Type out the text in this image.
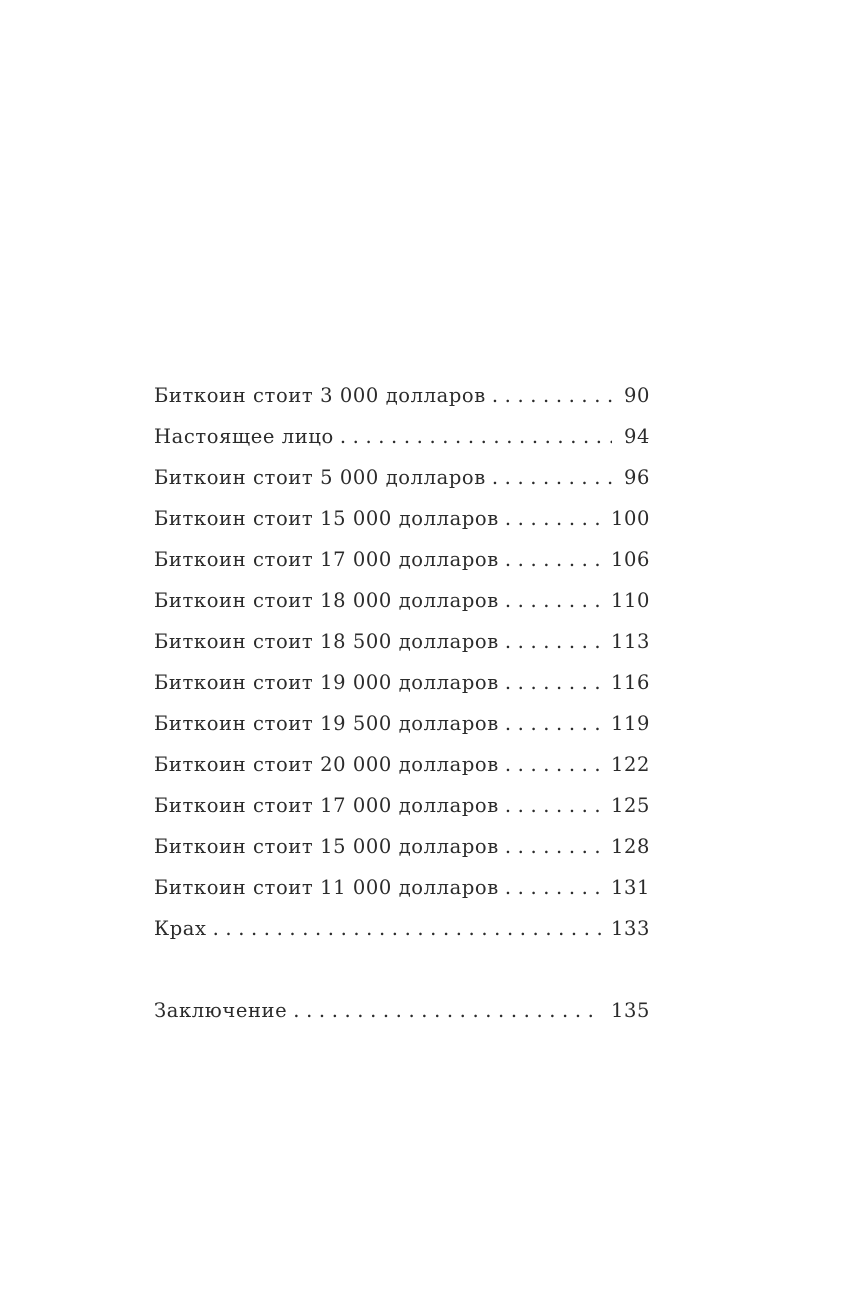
Биткоин стоит 3 000 долларов . . .	90
Настоящее лицо . . .	94
Биткоин стоит 5 000 долларов . . .	96
Биткоин стоит 15 000 долларов . . .	100
Биткоин стоит 17 000 долларов . . .	106
Биткоин стоит 18 000 долларов . . .	110
Биткоин стоит 18 500 долларов . . .	113
Биткоин стоит 19 000 долларов . . .	116
Биткоин стоит 19 500 долларов . . .	119
Биткоин стоит 20 000 долларов . . .	122
Биткоин стоит 17 000 долларов . . .	125
Биткоин стоит 15 000 долларов . . .	128
Биткоин стоит 11 000 долларов . . .	131
Крах . . .	133
Заключение . . .	135
